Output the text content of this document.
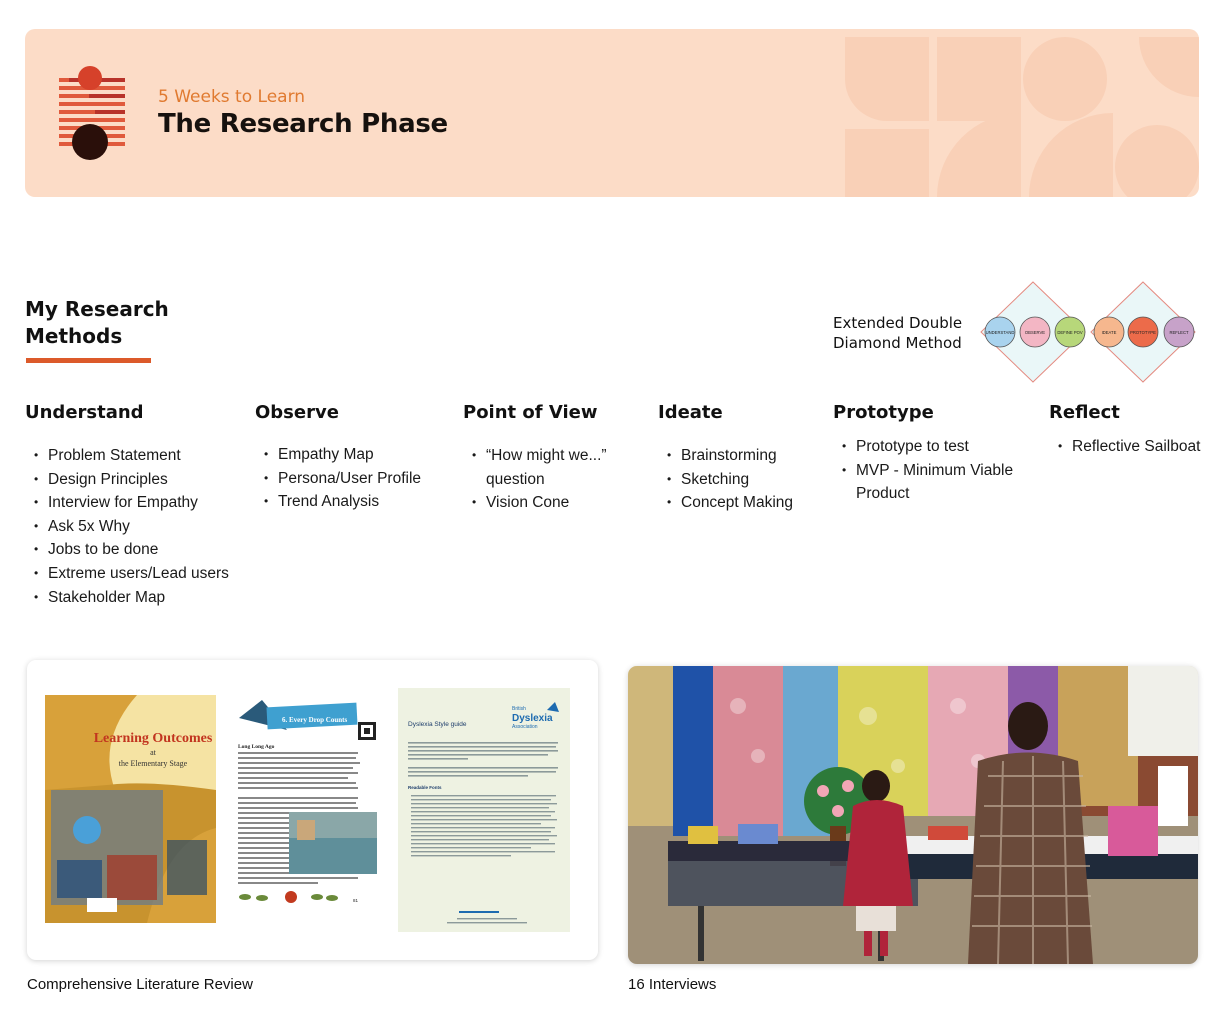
5 Weeks to Learn
The Research Phase
My Research Methods
Extended Double
Diamond Method
UNDERSTAND	OBSERVE	DEFINE POV	IDEATE	PROTOTYPE	REFLECT
Understand
• Problem Statement
• Design Principles
• Interview for Empathy
• Ask 5x Why
• Jobs to be done
• Extreme users/Lead users
• Stakeholder Map
Observe
• Empathy Map
• Persona/User Profile
• Trend Analysis
Point of View
• “How might we...” question
• Vision Cone
Ideate
• Brainstorming
• Sketching
• Concept Making
Prototype
• Prototype to test
• MVP - Minimum Viable Product
Reflect
• Reflective Sailboat
Learning Outcomes
at
the Elementary Stage
6. Every Drop Counts
Long Long Ago
81
British
Dyslexia
Association
Dyslexia Style guide
Readable Fonts
Comprehensive Literature Review	16 Interviews
